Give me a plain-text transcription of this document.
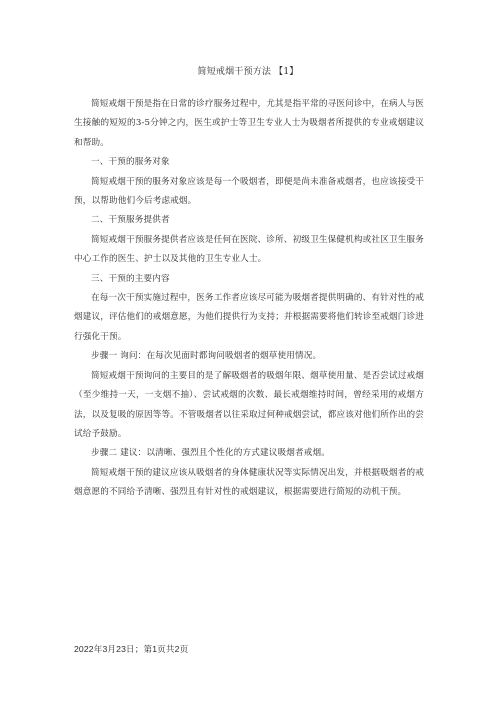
简短戒烟干预方法 【1】

简短戒烟干预是指在日常的诊疗服务过程中，尤其是指平常的寻医问诊中，在病人与医生接触的短短的3-5分钟之内，医生或护士等卫生专业人士为吸烟者所提供的专业戒烟建议和帮助。

一、干预的服务对象

简短戒烟干预的服务对象应该是每一个吸烟者，即便是尚未准备戒烟者，也应该接受干预，以帮助他们今后考虑戒烟。

二、干预服务提供者

简短戒烟干预服务提供者应该是任何在医院、诊所、初级卫生保健机构或社区卫生服务中心工作的医生、护士以及其他的卫生专业人士。

三、干预的主要内容

在每一次干预实施过程中，医务工作者应该尽可能为吸烟者提供明确的、有针对性的戒烟建议，评估他们的戒烟意愿，为他们提供行为支持；并根据需要将他们转诊至戒烟门诊进行强化干预。

步骤一 询问：在每次见面时都询问吸烟者的烟草使用情况。

简短戒烟干预询问的主要目的是了解吸烟者的吸烟年限、烟草使用量、是否尝试过戒烟（至少维持一天，一支烟不抽）、尝试戒烟的次数、最长戒烟维持时间，曾经采用的戒烟方法，以及复吸的原因等等。不管吸烟者以往采取过何种戒烟尝试，都应该对他们所作出的尝试给予鼓励。

步骤二 建议：以清晰、强烈且个性化的方式建议吸烟者戒烟。

简短戒烟干预的建议应该从吸烟者的身体健康状况等实际情况出发，并根据吸烟者的戒烟意愿的不同给予清晰、强烈且有针对性的戒烟建议，根据需要进行简短的动机干预。

2022年3月23日；第1页共2页
